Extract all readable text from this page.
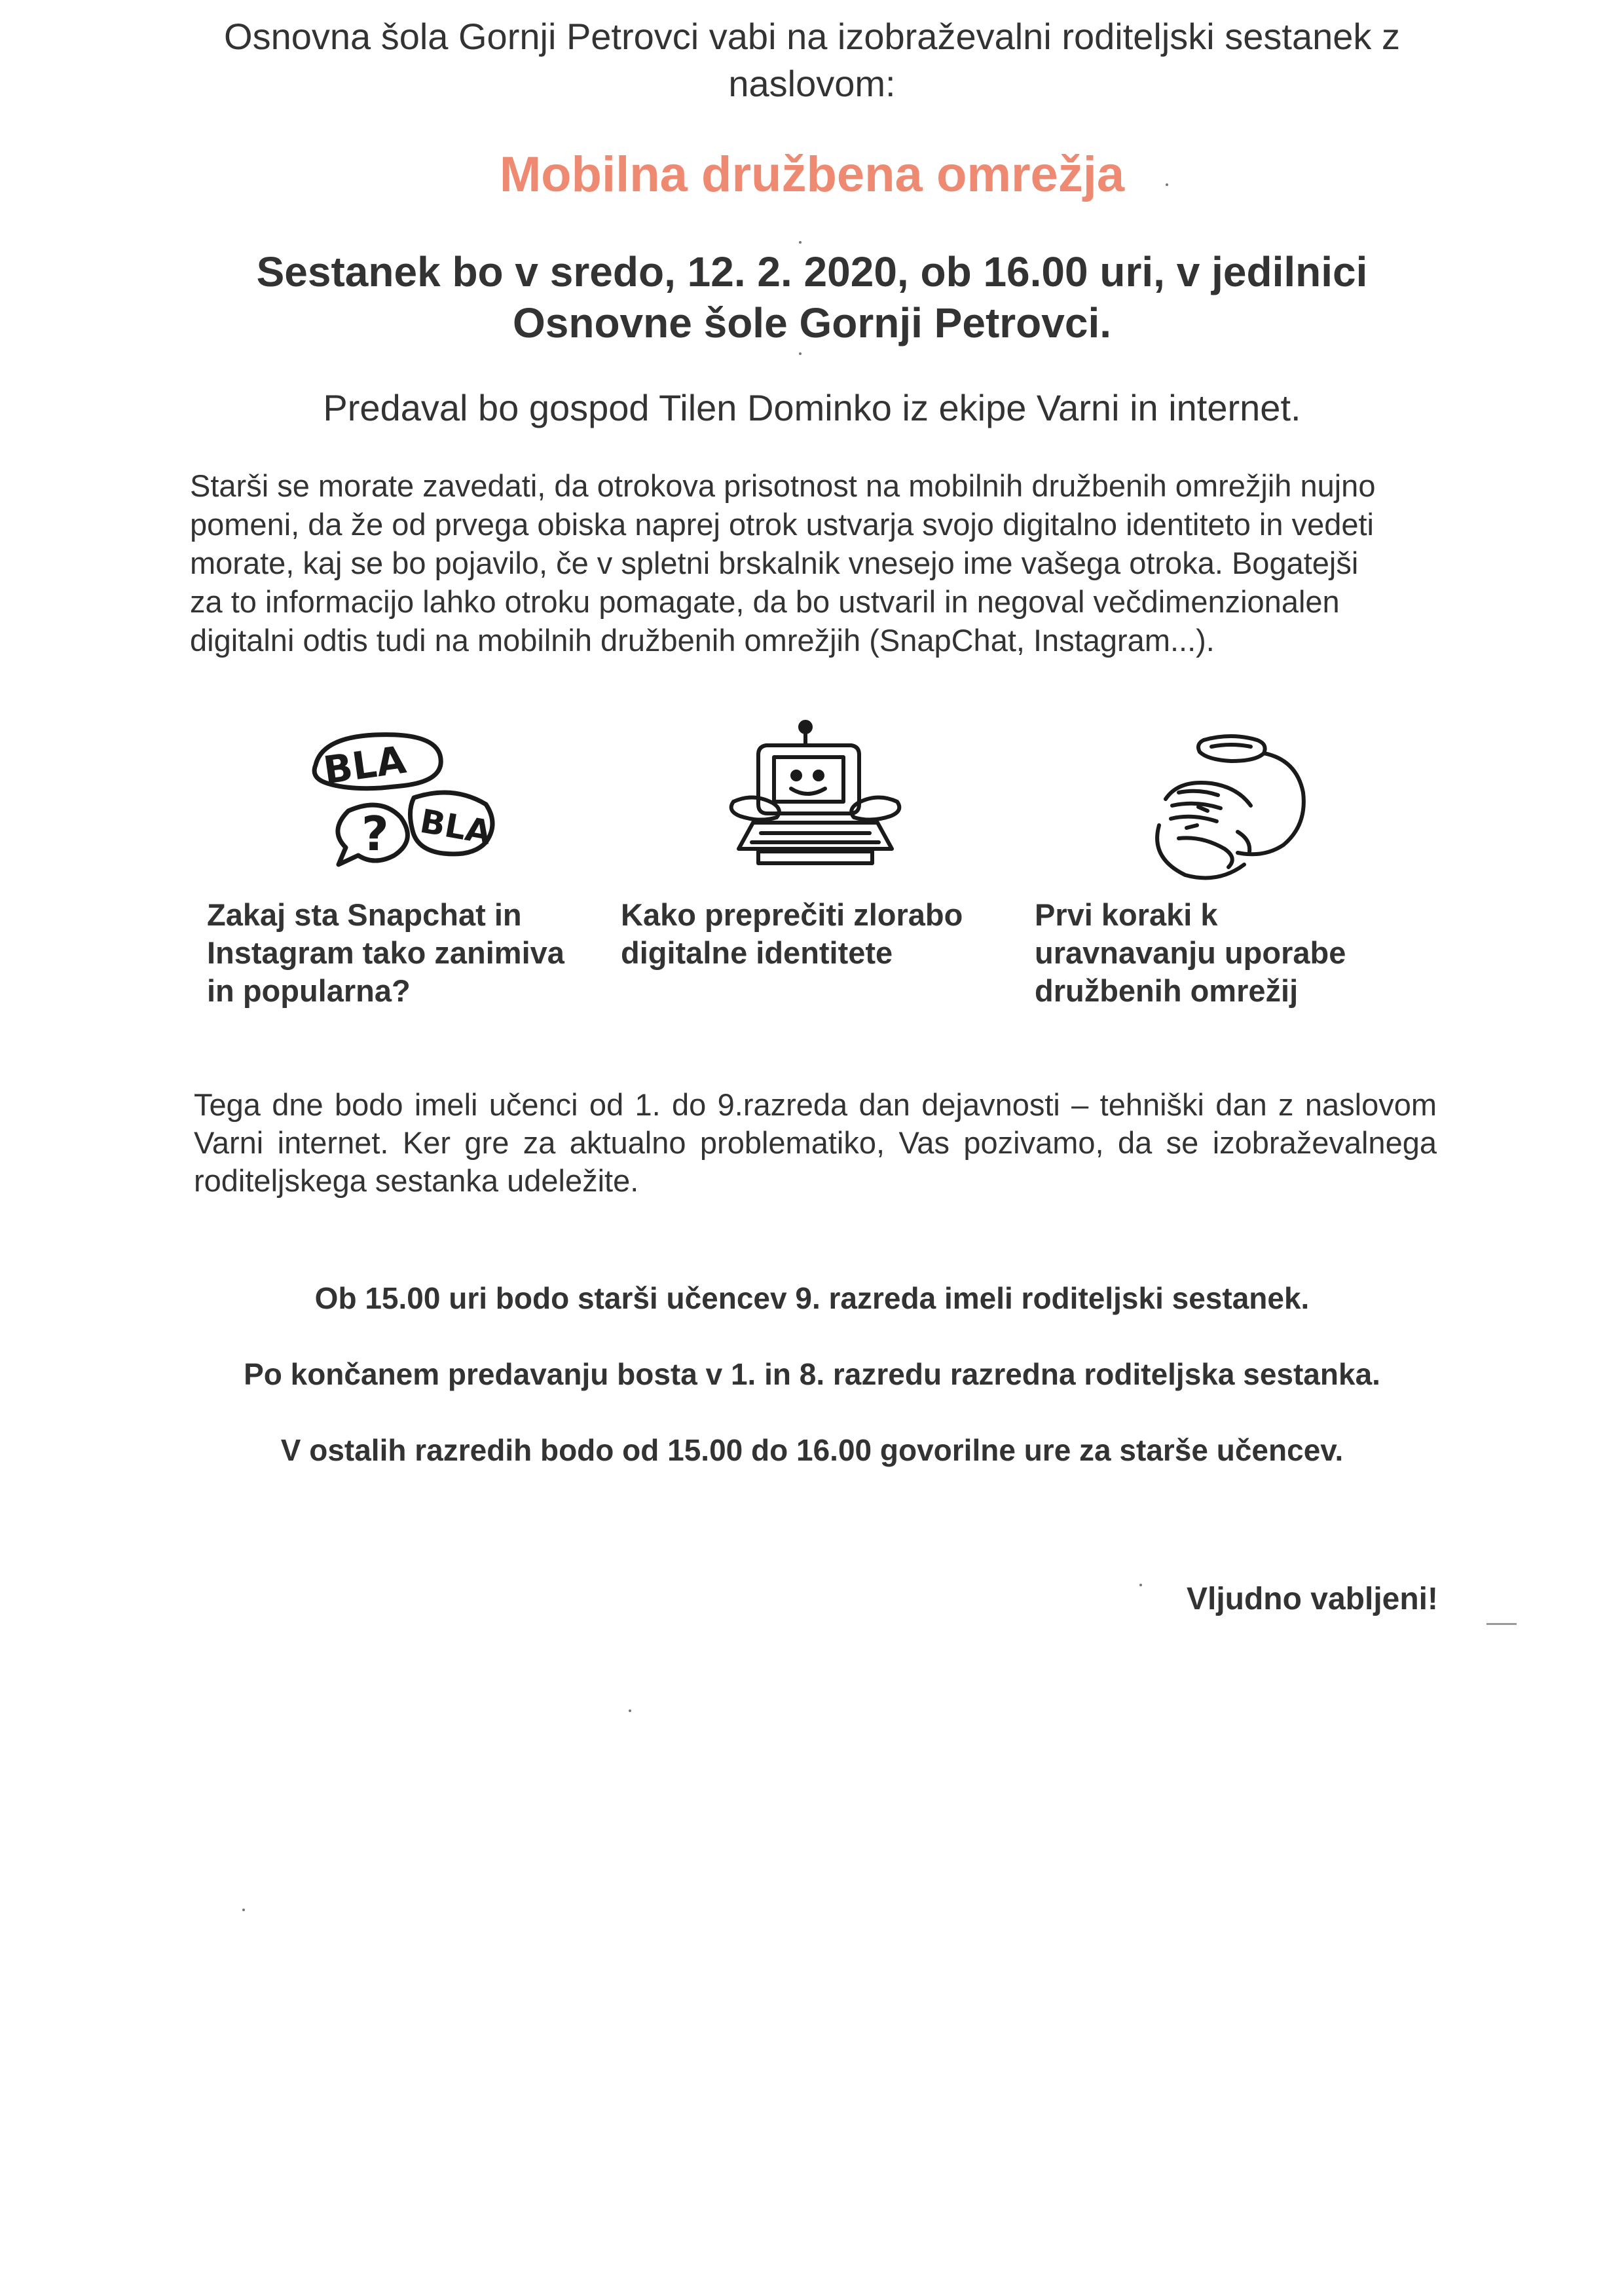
Osnovna šola Gornji Petrovci vabi na izobraževalni roditeljski sestanek z naslovom:
Mobilna družbena omrežja
Sestanek bo v sredo, 12. 2. 2020, ob 16.00 uri, v jedilnici
Osnovne šole Gornji Petrovci.
Predaval bo gospod Tilen Dominko iz ekipe Varni in internet.
Starši se morate zavedati, da otrokova prisotnost na mobilnih družbenih omrežjih nujno
pomeni, da že od prvega obiska naprej otrok ustvarja svojo digitalno identiteto in vedeti
morate, kaj se bo pojavilo, če v spletni brskalnik vnesejo ime vašega otroka. Bogatejši
za to informacijo lahko otroku pomagate, da bo ustvaril in negoval večdimenzionalen
digitalni odtis tudi na mobilnih družbenih omrežjih (SnapChat, Instagram...).
BLA
? BLA
Zakaj sta Snapchat in
Instagram tako zanimiva
in popularna?
Kako preprečiti zlorabo
digitalne identitete
Prvi koraki k
uravnavanju uporabe
družbenih omrežij
Tega dne bodo imeli učenci od 1. do 9.razreda dan dejavnosti – tehniški dan z naslovom Varni internet. Ker gre za aktualno problematiko, Vas pozivamo, da se izobraževalnega roditeljskega sestanka udeležite.
Ob 15.00 uri bodo starši učencev 9. razreda imeli roditeljski sestanek.
Po končanem predavanju bosta v 1. in 8. razredu razredna roditeljska sestanka.
V ostalih razredih bodo od 15.00 do 16.00 govorilne ure za starše učencev.
Vljudno vabljeni!
